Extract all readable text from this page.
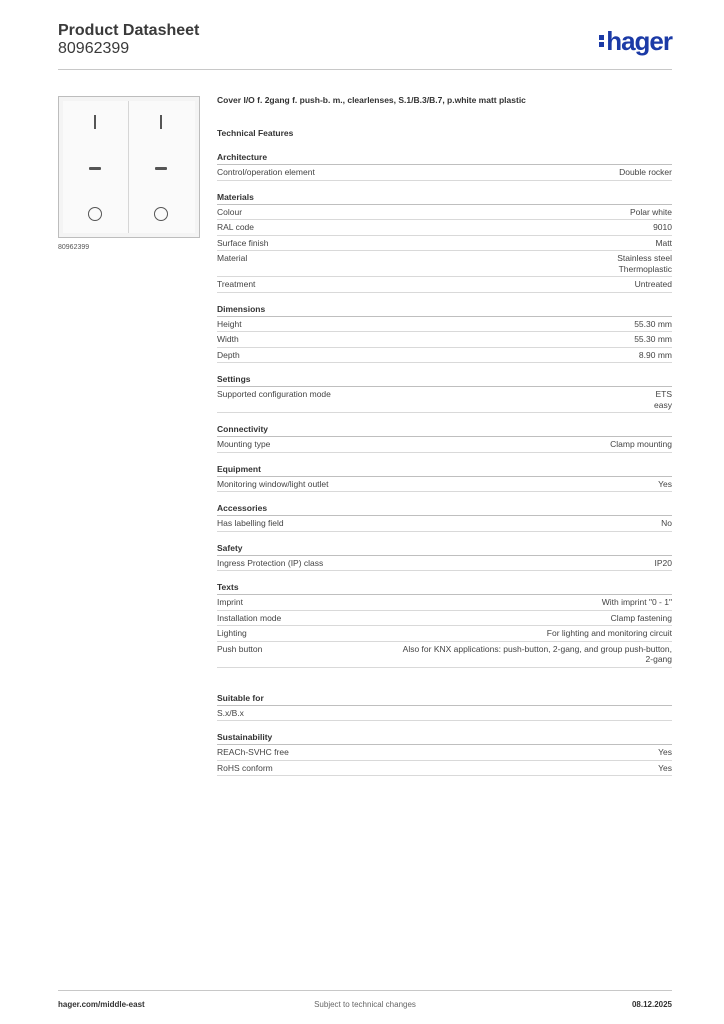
Product Datasheet
80962399	hager
80962399
Cover I/O f. 2gang f. push-b. m., clearlenses, S.1/B.3/B.7, p.white matt plastic
Technical Features
Architecture
Control/operation element	Double rocker
Materials
Colour	Polar white
RAL code	9010
Surface finish	Matt
Material	Stainless steel
Thermoplastic
Treatment	Untreated
Dimensions
Height	55.30 mm
Width	55.30 mm
Depth	8.90 mm
Settings
Supported configuration mode	ETS
easy
Connectivity
Mounting type	Clamp mounting
Equipment
Monitoring window/light outlet	Yes
Accessories
Has labelling field	No
Safety
Ingress Protection (IP) class	IP20
Texts
Imprint	With imprint "0 - 1"
Installation mode	Clamp fastening
Lighting	For lighting and monitoring circuit
Push button	Also for KNX applications: push-button, 2-gang, and group push-button,
2-gang
Suitable for
S.x/B.x
Sustainability
REACh-SVHC free	Yes
RoHS conform	Yes
Subject to technical changes
hager.com/middle-east	08.12.2025
